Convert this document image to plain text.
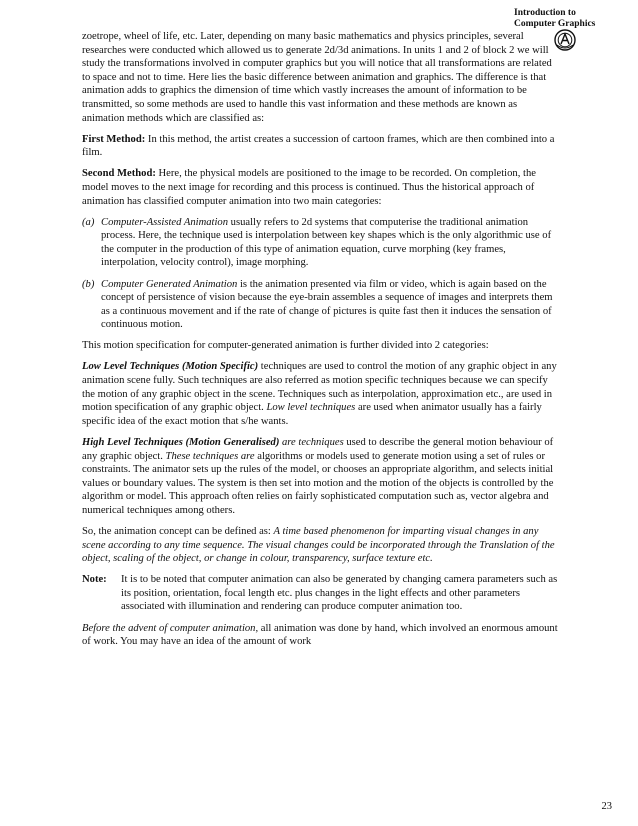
Introduction to
Computer Graphics

zoetrope, wheel of life, etc. Later, depending on many basic mathematics and physics principles, several researches were conducted which allowed us to generate 2d/3d animations. In units 1 and 2 of block 2 we will study the transformations involved in computer graphics but you will notice that all transformations are related to space and not to time. Here lies the basic difference between animation and graphics. The difference is that animation adds to graphics the dimension of time which vastly increases the amount of information to be transmitted, so some methods are used to handle this vast information and these methods are known as animation methods which are classified as:

First Method: In this method, the artist creates a succession of cartoon frames, which are then combined into a film.

Second Method: Here, the physical models are positioned to the image to be recorded. On completion, the model moves to the next image for recording and this process is continued. Thus the historical approach of animation has classified computer animation into two main categories:

(a) Computer-Assisted Animation usually refers to 2d systems that computerise the traditional animation process. Here, the technique used is interpolation between key shapes which is the only algorithmic use of the computer in the production of this type of animation equation, curve morphing (key frames, interpolation, velocity control), image morphing.
(b) Computer Generated Animation is the animation presented via film or video, which is again based on the concept of persistence of vision because the eye-brain assembles a sequence of images and interprets them as a continuous movement and if the rate of change of pictures is quite fast then it induces the sensation of continuous motion.

This motion specification for computer-generated animation is further divided into 2 categories:

Low Level Techniques (Motion Specific) techniques are used to control the motion of any graphic object in any animation scene fully. Such techniques are also referred as motion specific techniques because we can specify the motion of any graphic object in the scene. Techniques such as interpolation, approximation etc., are used in motion specification of any graphic object. Low level techniques are used when animator usually has a fairly specific idea of the exact motion that s/he wants.

High Level Techniques (Motion Generalised) are techniques used to describe the general motion behaviour of any graphic object. These techniques are algorithms or models used to generate motion using a set of rules or constraints. The animator sets up the rules of the model, or chooses an appropriate algorithm, and selects initial values or boundary values. The system is then set into motion and the motion of the objects is controlled by the algorithm or model. This approach often relies on fairly sophisticated computation such as, vector algebra and numerical techniques among others.

So, the animation concept can be defined as: A time based phenomenon for imparting visual changes in any scene according to any time sequence. The visual changes could be incorporated through the Translation of the object, scaling of the object, or change in colour, transparency, surface texture etc.

Note:	It is to be noted that computer animation can also be generated by changing camera parameters such as its position, orientation, focal length etc. plus changes in the light effects and other parameters associated with illumination and rendering can produce computer animation too.

Before the advent of computer animation, all animation was done by hand, which involved an enormous amount of work. You may have an idea of the amount of work

23
